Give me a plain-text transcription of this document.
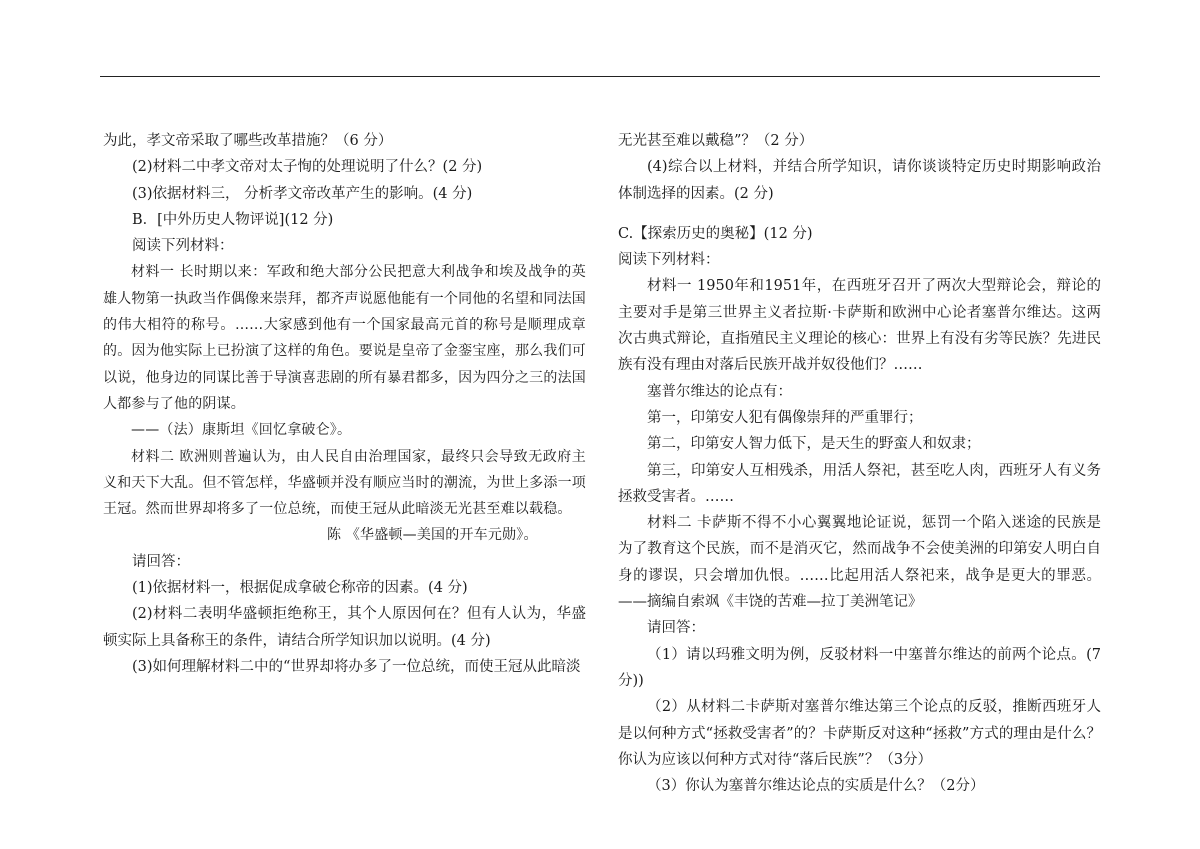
为此，孝文帝采取了哪些改革措施？（6 分）

(2)材料二中孝文帝对太子恂的处理说明了什么？(2 分)

(3)依据材料三， 分析孝文帝改革产生的影响。(4 分)

B．[中外历史人物评说](12 分)

阅读下列材料：

材料一 长时期以来：军政和绝大部分公民把意大利战争和埃及战争的英雄人物第一执政当作偶像来崇拜，都齐声说愿他能有一个同他的名望和同法国的伟大相符的称号。……大家感到他有一个国家最高元首的称号是顺理成章的。因为他实际上已扮演了这样的角色。要说是皇帝了金銮宝座，那么我们可以说，他身边的同谋比善于导演喜悲剧的所有暴君都多，因为四分之三的法国人都参与了他的阴谋。

——（法）康斯坦《回忆拿破仑》。

材料二 欧洲则普遍认为，由人民自由治理国家，最终只会导致无政府主义和天下大乱。但不管怎样，华盛顿并没有顺应当时的潮流，为世上多添一项王冠。然而世界却将多了一位总统，而使王冠从此暗淡无光甚至难以载稳。

陈 《华盛顿—美国的开车元勋》。

请回答：

(1)依据材料一，根据促成拿破仑称帝的因素。(4 分)

(2)材料二表明华盛顿拒绝称王，其个人原因何在？但有人认为，华盛顿实际上具备称王的条件，请结合所学知识加以说明。(4 分)

(3)如何理解材料二中的“世界却将办多了一位总统，而使王冠从此暗淡

无光甚至难以戴稳”？（2 分）

(4)综合以上材料，并结合所学知识，请你谈谈特定历史时期影响政治体制选择的因素。(2 分)

C.【探索历史的奥秘】(12 分)

阅读下列材料：

材料一 1950年和1951年，在西班牙召开了两次大型辩论会，辩论的主要对手是第三世界主义者拉斯·卡萨斯和欧洲中心论者塞普尔维达。这两次古典式辩论，直指殖民主义理论的核心：世界上有没有劣等民族？先进民族有没有理由对落后民族开战并奴役他们？……

塞普尔维达的论点有：

第一，印第安人犯有偶像崇拜的严重罪行；

第二，印第安人智力低下，是天生的野蛮人和奴隶；

第三，印第安人互相残杀，用活人祭祀，甚至吃人肉，西班牙人有义务拯救受害者。……

材料二 卡萨斯不得不小心翼翼地论证说，惩罚一个陷入迷途的民族是为了教育这个民族，而不是消灭它，然而战争不会使美洲的印第安人明白自身的谬误，只会增加仇恨。……比起用活人祭祀来，战争是更大的罪恶。 ——摘编自索飒《丰饶的苦难—拉丁美洲笔记》

请回答：

（1）请以玛雅文明为例，反驳材料一中塞普尔维达的前两个论点。(7分))

（2）从材料二卡萨斯对塞普尔维达第三个论点的反驳，推断西班牙人是以何种方式“拯救受害者”的？卡萨斯反对这种“拯救”方式的理由是什么？你认为应该以何种方式对待“落后民族”？（3分）

（3）你认为塞普尔维达论点的实质是什么？（2分）
